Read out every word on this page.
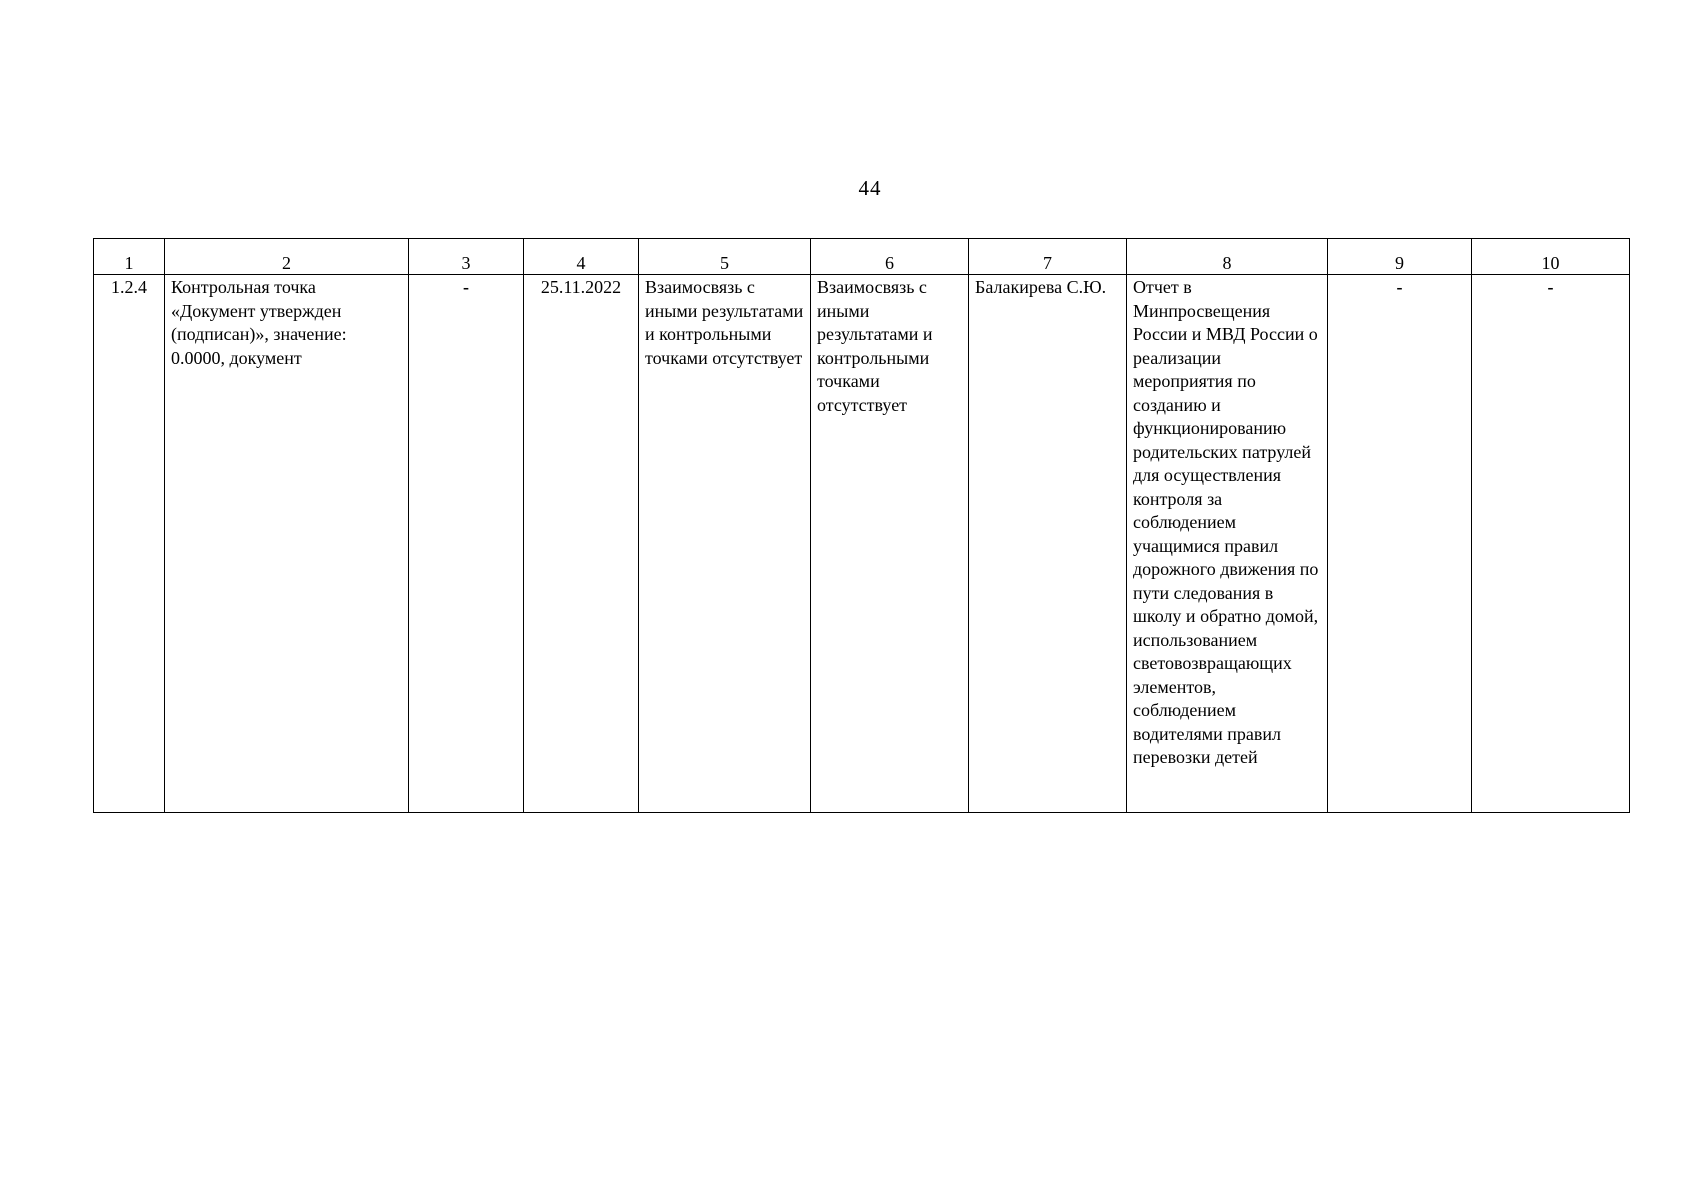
44
1	2	3	4	5	6	7	8	9	10
1.2.4	Контрольная точка «Документ утвержден (подписан)», значение: 0.0000, документ	-	25.11.2022	Взаимосвязь с иными результатами и контрольными точками отсутствует	Взаимосвязь с иными результатами и контрольными точками отсутствует	Балакирева С.Ю.	Отчет в Минпросвещения России и МВД России о реализации мероприятия по созданию и функционированию родительских патрулей для осуществления контроля за соблюдением учащимися правил дорожного движения по пути следования в школу и обратно домой, использованием световозвращающих элементов, соблюдением водителями правил перевозки детей	-	-
